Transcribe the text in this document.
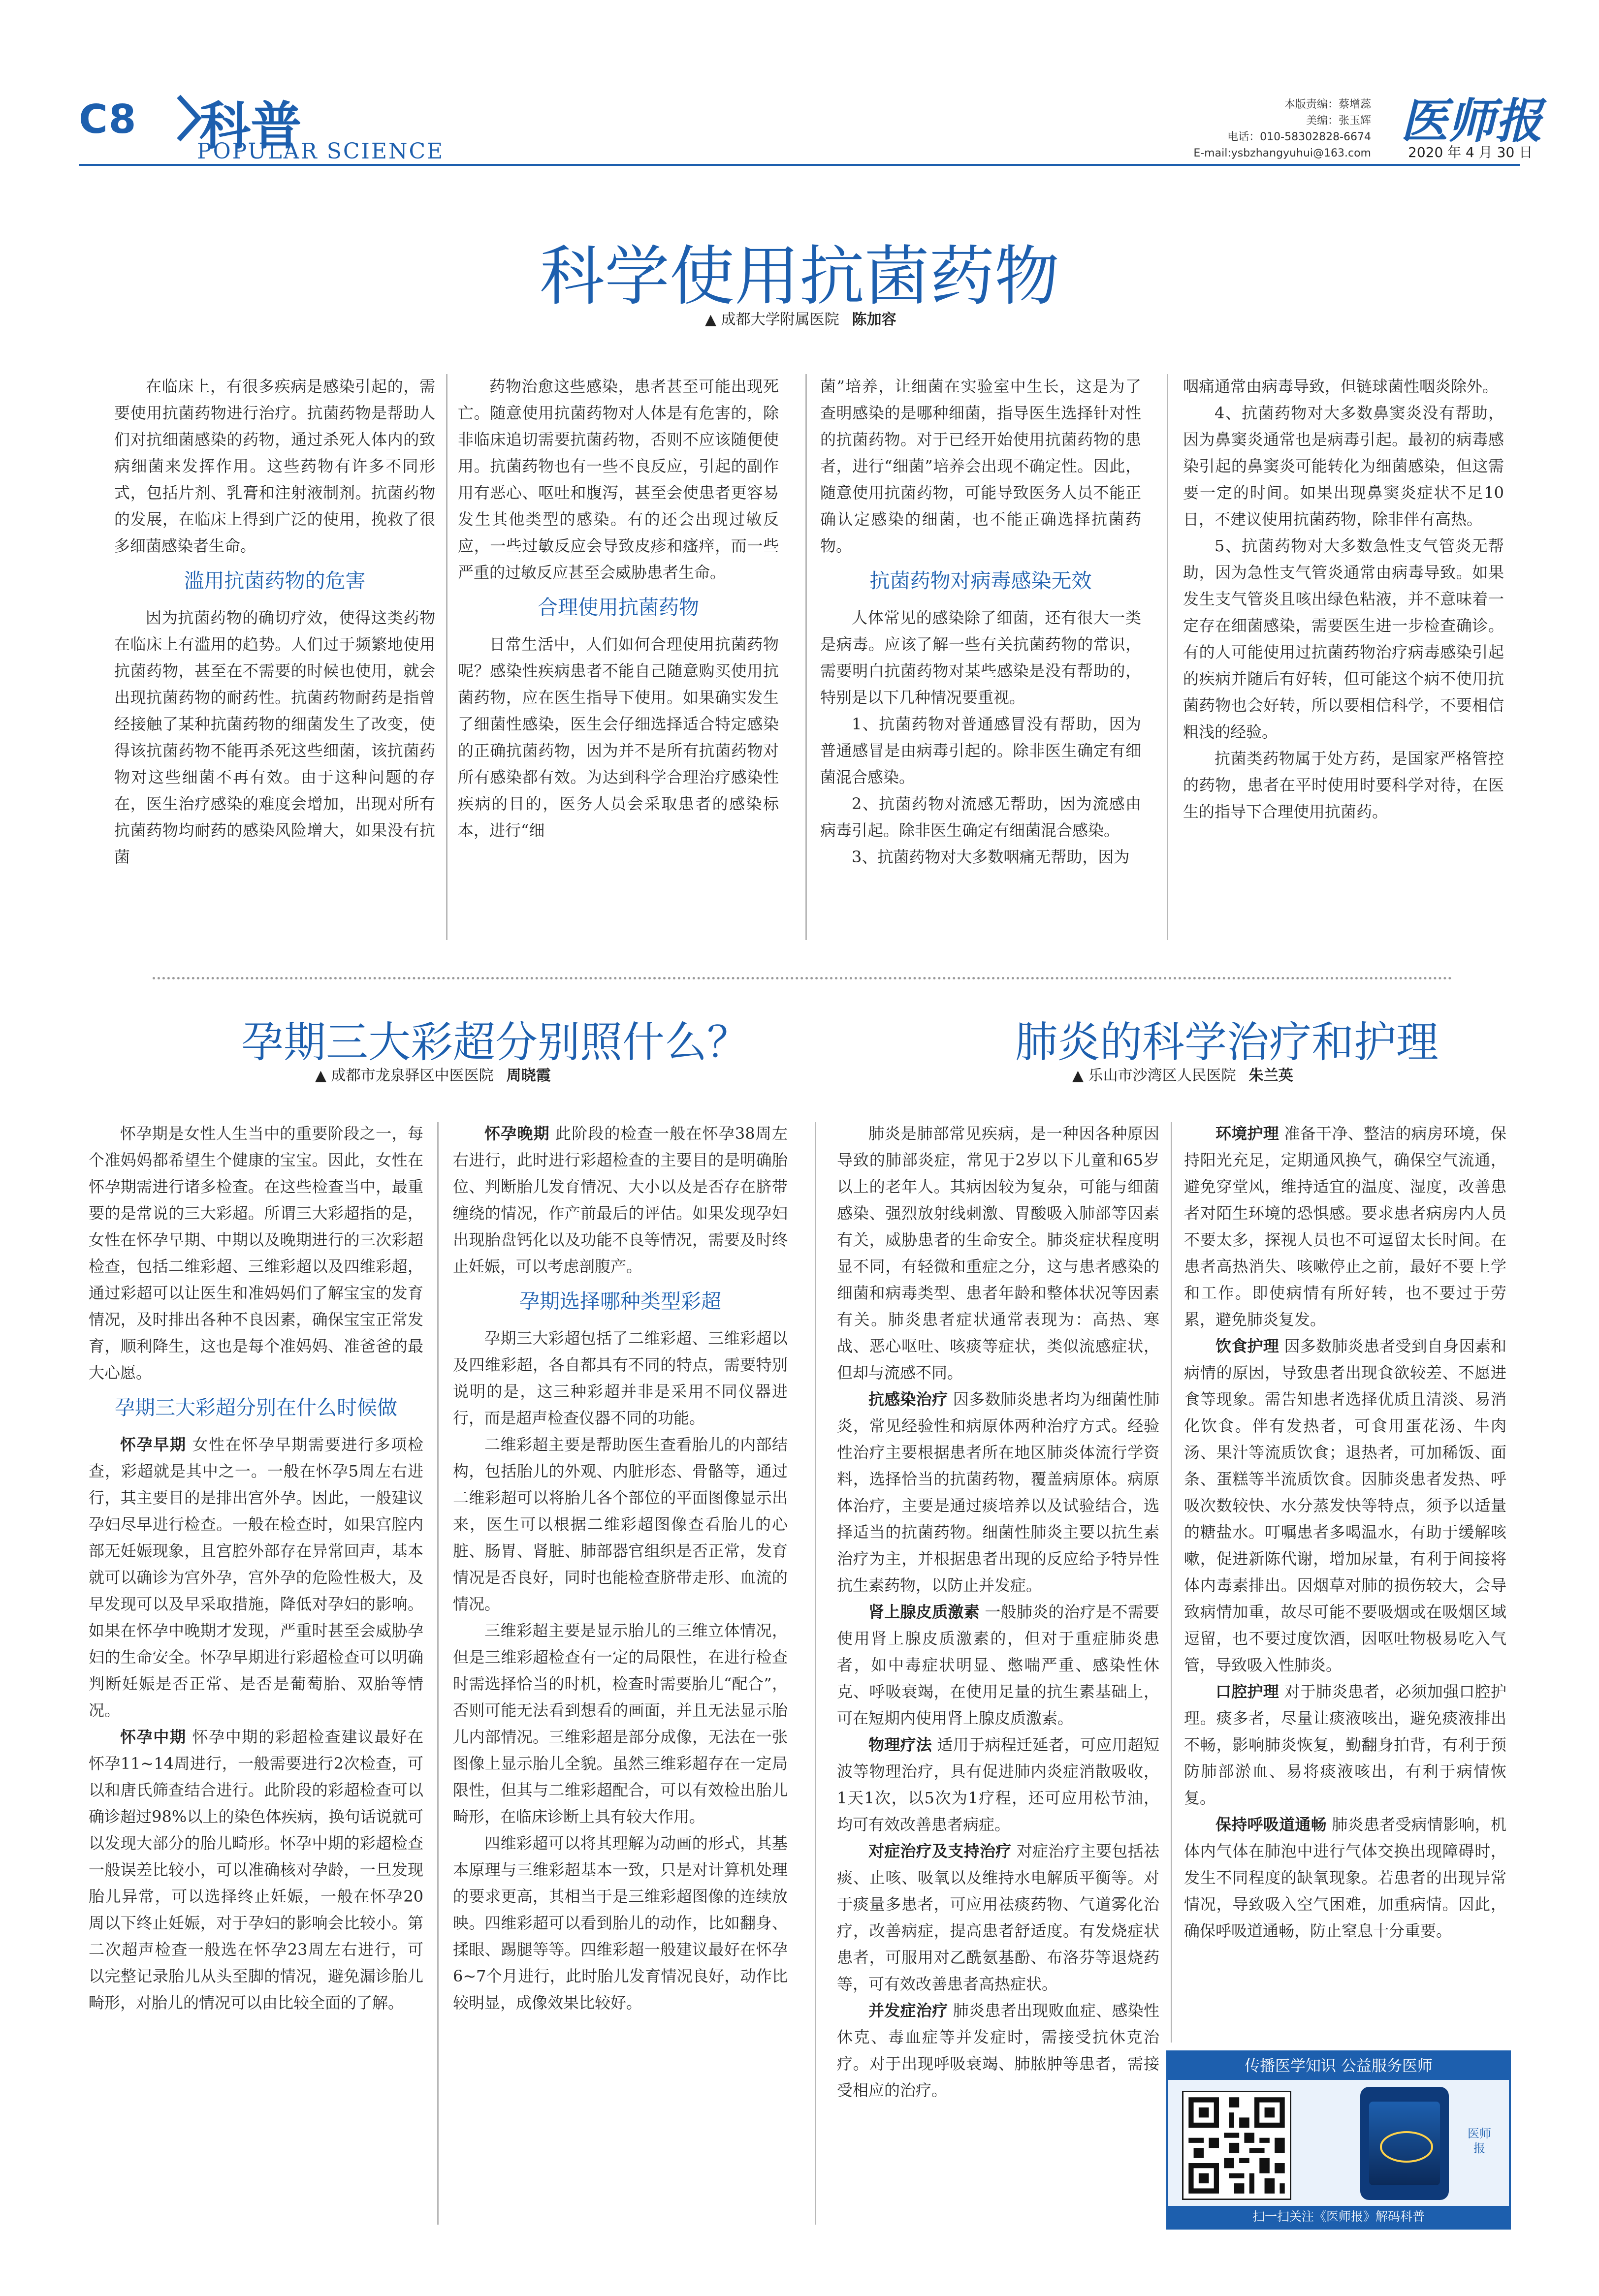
C8 科普
POPULAR SCIENCE
本版责编：蔡增蕊
美编：张玉辉
电话：010-58302828-6674
E-mail:ysbzhangyuhui@163.com
医师报
2020 年 4 月 30 日
科学使用抗菌药物
▲ 成都大学附属医院 陈加容

在临床上，有很多疾病是感染引起的，需要使用抗菌药物进行治疗。抗菌药物是帮助人们对抗细菌感染的药物，通过杀死人体内的致病细菌来发挥作用。这些药物有许多不同形式，包括片剂、乳膏和注射液制剂。抗菌药物的发展，在临床上得到广泛的使用，挽救了很多细菌感染者生命。

滥用抗菌药物的危害

因为抗菌药物的确切疗效，使得这类药物在临床上有滥用的趋势。人们过于频繁地使用抗菌药物，甚至在不需要的时候也使用，就会出现抗菌药物的耐药性。抗菌药物耐药是指曾经接触了某种抗菌药物的细菌发生了改变，使得该抗菌药物不能再杀死这些细菌，该抗菌药物对这些细菌不再有效。由于这种问题的存在，医生治疗感染的难度会增加，出现对所有抗菌药物均耐药的感染风险增大，如果没有抗菌

药物治愈这些感染，患者甚至可能出现死亡。随意使用抗菌药物对人体是有危害的，除非临床追切需要抗菌药物，否则不应该随便使用。抗菌药物也有一些不良反应，引起的副作用有恶心、呕吐和腹泻，甚至会使患者更容易发生其他类型的感染。有的还会出现过敏反应，一些过敏反应会导致皮疹和瘙痒，而一些严重的过敏反应甚至会威胁患者生命。

合理使用抗菌药物

日常生活中，人们如何合理使用抗菌药物呢？感染性疾病患者不能自己随意购买使用抗菌药物，应在医生指导下使用。如果确实发生了细菌性感染，医生会仔细选择适合特定感染的正确抗菌药物，因为并不是所有抗菌药物对所有感染都有效。为达到科学合理治疗感染性疾病的目的，医务人员会采取患者的感染标本，进行“细

菌”培养，让细菌在实验室中生长，这是为了查明感染的是哪种细菌，指导医生选择针对性的抗菌药物。对于已经开始使用抗菌药物的患者，进行“细菌”培养会出现不确定性。因此，随意使用抗菌药物，可能导致医务人员不能正确认定感染的细菌，也不能正确选择抗菌药物。

抗菌药物对病毒感染无效

人体常见的感染除了细菌，还有很大一类是病毒。应该了解一些有关抗菌药物的常识，需要明白抗菌药物对某些感染是没有帮助的，特别是以下几种情况要重视。

1、抗菌药物对普通感冒没有帮助，因为普通感冒是由病毒引起的。除非医生确定有细菌混合感染。

2、抗菌药物对流感无帮助，因为流感由病毒引起。除非医生确定有细菌混合感染。

3、抗菌药物对大多数咽痛无帮助，因为

咽痛通常由病毒导致，但链球菌性咽炎除外。

4、抗菌药物对大多数鼻窦炎没有帮助，因为鼻窦炎通常也是病毒引起。最初的病毒感染引起的鼻窦炎可能转化为细菌感染，但这需要一定的时间。如果出现鼻窦炎症状不足10日，不建议使用抗菌药物，除非伴有高热。

5、抗菌药物对大多数急性支气管炎无帮助，因为急性支气管炎通常由病毒导致。如果发生支气管炎且咳出绿色粘液，并不意味着一定存在细菌感染，需要医生进一步检查确诊。有的人可能使用过抗菌药物治疗病毒感染引起的疾病并随后有好转，但可能这个病不使用抗菌药物也会好转，所以要相信科学，不要相信粗浅的经验。

抗菌类药物属于处方药，是国家严格管控的药物，患者在平时使用时要科学对待，在医生的指导下合理使用抗菌药。

孕期三大彩超分别照什么？
▲ 成都市龙泉驿区中医医院 周晓霞

怀孕期是女性人生当中的重要阶段之一，每个准妈妈都希望生个健康的宝宝。因此，女性在怀孕期需进行诸多检查。在这些检查当中，最重要的是常说的三大彩超。所谓三大彩超指的是，女性在怀孕早期、中期以及晚期进行的三次彩超检查，包括二维彩超、三维彩超以及四维彩超，通过彩超可以让医生和准妈妈们了解宝宝的发育情况，及时排出各种不良因素，确保宝宝正常发育，顺利降生，这也是每个准妈妈、准爸爸的最大心愿。

孕期三大彩超分别在什么时候做

怀孕早期 女性在怀孕早期需要进行多项检查，彩超就是其中之一。一般在怀孕5周左右进行，其主要目的是排出宫外孕。因此，一般建议孕妇尽早进行检查。一般在检查时，如果宫腔内部无妊娠现象，且宫腔外部存在异常回声，基本就可以确诊为宫外孕，宫外孕的危险性极大，及早发现可以及早采取措施，降低对孕妇的影响。如果在怀孕中晚期才发现，严重时甚至会威胁孕妇的生命安全。怀孕早期进行彩超检查可以明确判断妊娠是否正常、是否是葡萄胎、双胎等情况。

怀孕中期 怀孕中期的彩超检查建议最好在怀孕11~14周进行，一般需要进行2次检查，可以和唐氏筛查结合进行。此阶段的彩超检查可以确诊超过98%以上的染色体疾病，换句话说就可以发现大部分的胎儿畸形。怀孕中期的彩超检查一般误差比较小，可以准确核对孕龄，一旦发现胎儿异常，可以选择终止妊娠，一般在怀孕20周以下终止妊娠，对于孕妇的影响会比较小。第二次超声检查一般选在怀孕23周左右进行，可以完整记录胎儿从头至脚的情况，避免漏诊胎儿畸形，对胎儿的情况可以由比较全面的了解。

怀孕晚期 此阶段的检查一般在怀孕38周左右进行，此时进行彩超检查的主要目的是明确胎位、判断胎儿发育情况、大小以及是否存在脐带缠绕的情况，作产前最后的评估。如果发现孕妇出现胎盘钙化以及功能不良等情况，需要及时终止妊娠，可以考虑剖腹产。

孕期选择哪种类型彩超

孕期三大彩超包括了二维彩超、三维彩超以及四维彩超，各自都具有不同的特点，需要特别说明的是，这三种彩超并非是采用不同仪器进行，而是超声检查仪器不同的功能。

二维彩超主要是帮助医生查看胎儿的内部结构，包括胎儿的外观、内脏形态、骨骼等，通过二维彩超可以将胎儿各个部位的平面图像显示出来，医生可以根据二维彩超图像查看胎儿的心脏、肠胃、肾脏、肺部器官组织是否正常，发育情况是否良好，同时也能检查脐带走形、血流的情况。

三维彩超主要是显示胎儿的三维立体情况，但是三维彩超检查有一定的局限性，在进行检查时需选择恰当的时机，检查时需要胎儿“配合”，否则可能无法看到想看的画面，并且无法显示胎儿内部情况。三维彩超是部分成像，无法在一张图像上显示胎儿全貌。虽然三维彩超存在一定局限性，但其与二维彩超配合，可以有效检出胎儿畸形，在临床诊断上具有较大作用。

四维彩超可以将其理解为动画的形式，其基本原理与三维彩超基本一致，只是对计算机处理的要求更高，其相当于是三维彩超图像的连续放映。四维彩超可以看到胎儿的动作，比如翻身、揉眼、踢腿等等。四维彩超一般建议最好在怀孕6~7个月进行，此时胎儿发育情况良好，动作比较明显，成像效果比较好。

肺炎的科学治疗和护理
▲ 乐山市沙湾区人民医院 朱兰英

肺炎是肺部常见疾病，是一种因各种原因导致的肺部炎症，常见于2岁以下儿童和65岁以上的老年人。其病因较为复杂，可能与细菌感染、强烈放射线刺激、胃酸吸入肺部等因素有关，威胁患者的生命安全。肺炎症状程度明显不同，有轻微和重症之分，这与患者感染的细菌和病毒类型、患者年龄和整体状况等因素有关。肺炎患者症状通常表现为：高热、寒战、恶心呕吐、咳痰等症状，类似流感症状，但却与流感不同。

抗感染治疗 因多数肺炎患者均为细菌性肺炎，常见经验性和病原体两种治疗方式。经验性治疗主要根据患者所在地区肺炎体流行学资料，选择恰当的抗菌药物，覆盖病原体。病原体治疗，主要是通过痰培养以及试验结合，选择适当的抗菌药物。细菌性肺炎主要以抗生素治疗为主，并根据患者出现的反应给予特异性抗生素药物，以防止并发症。

肾上腺皮质激素 一般肺炎的治疗是不需要使用肾上腺皮质激素的，但对于重症肺炎患者，如中毒症状明显、憋喘严重、感染性休克、呼吸衰竭，在使用足量的抗生素基础上，可在短期内使用肾上腺皮质激素。

物理疗法 适用于病程迁延者，可应用超短波等物理治疗，具有促进肺内炎症消散吸收，1天1次，以5次为1疗程，还可应用松节油，均可有效改善患者病症。

对症治疗及支持治疗 对症治疗主要包括祛痰、止咳、吸氧以及维持水电解质平衡等。对于痰量多患者，可应用祛痰药物、气道雾化治疗，改善病症，提高患者舒适度。有发烧症状患者，可服用对乙酰氨基酚、布洛芬等退烧药等，可有效改善患者高热症状。

并发症治疗 肺炎患者出现败血症、感染性休克、毒血症等并发症时，需接受抗休克治疗。对于出现呼吸衰竭、肺脓肿等患者，需接受相应的治疗。

环境护理 准备干净、整洁的病房环境，保持阳光充足，定期通风换气，确保空气流通，避免穿堂风，维持适宜的温度、湿度，改善患者对陌生环境的恐惧感。要求患者病房内人员不要太多，探视人员也不可逗留太长时间。在患者高热消失、咳嗽停止之前，最好不要上学和工作。即使病情有所好转，也不要过于劳累，避免肺炎复发。

饮食护理 因多数肺炎患者受到自身因素和病情的原因，导致患者出现食欲较差、不愿进食等现象。需告知患者选择优质且清淡、易消化饮食。伴有发热者，可食用蛋花汤、牛肉汤、果汁等流质饮食；退热者，可加稀饭、面条、蛋糕等半流质饮食。因肺炎患者发热、呼吸次数较快、水分蒸发快等特点，须予以适量的糖盐水。叮嘱患者多喝温水，有助于缓解咳嗽，促进新陈代谢，增加尿量，有利于间接将体内毒素排出。因烟草对肺的损伤较大，会导致病情加重，故尽可能不要吸烟或在吸烟区域逗留，也不要过度饮酒，因呕吐物极易吃入气管，导致吸入性肺炎。

口腔护理 对于肺炎患者，必须加强口腔护理。痰多者，尽量让痰液咳出，避免痰液排出不畅，影响肺炎恢复，勤翻身拍背，有利于预防肺部淤血、易将痰液咳出，有利于病情恢复。

保持呼吸道通畅 肺炎患者受病情影响，机体内气体在肺泡中进行气体交换出现障碍时，发生不同程度的缺氧现象。若患者的出现异常情况，导致吸入空气困难，加重病情。因此，确保呼吸道通畅，防止窒息十分重要。

传播医学知识 公益服务医师
医师报
扫一扫关注《医师报》解码科普
